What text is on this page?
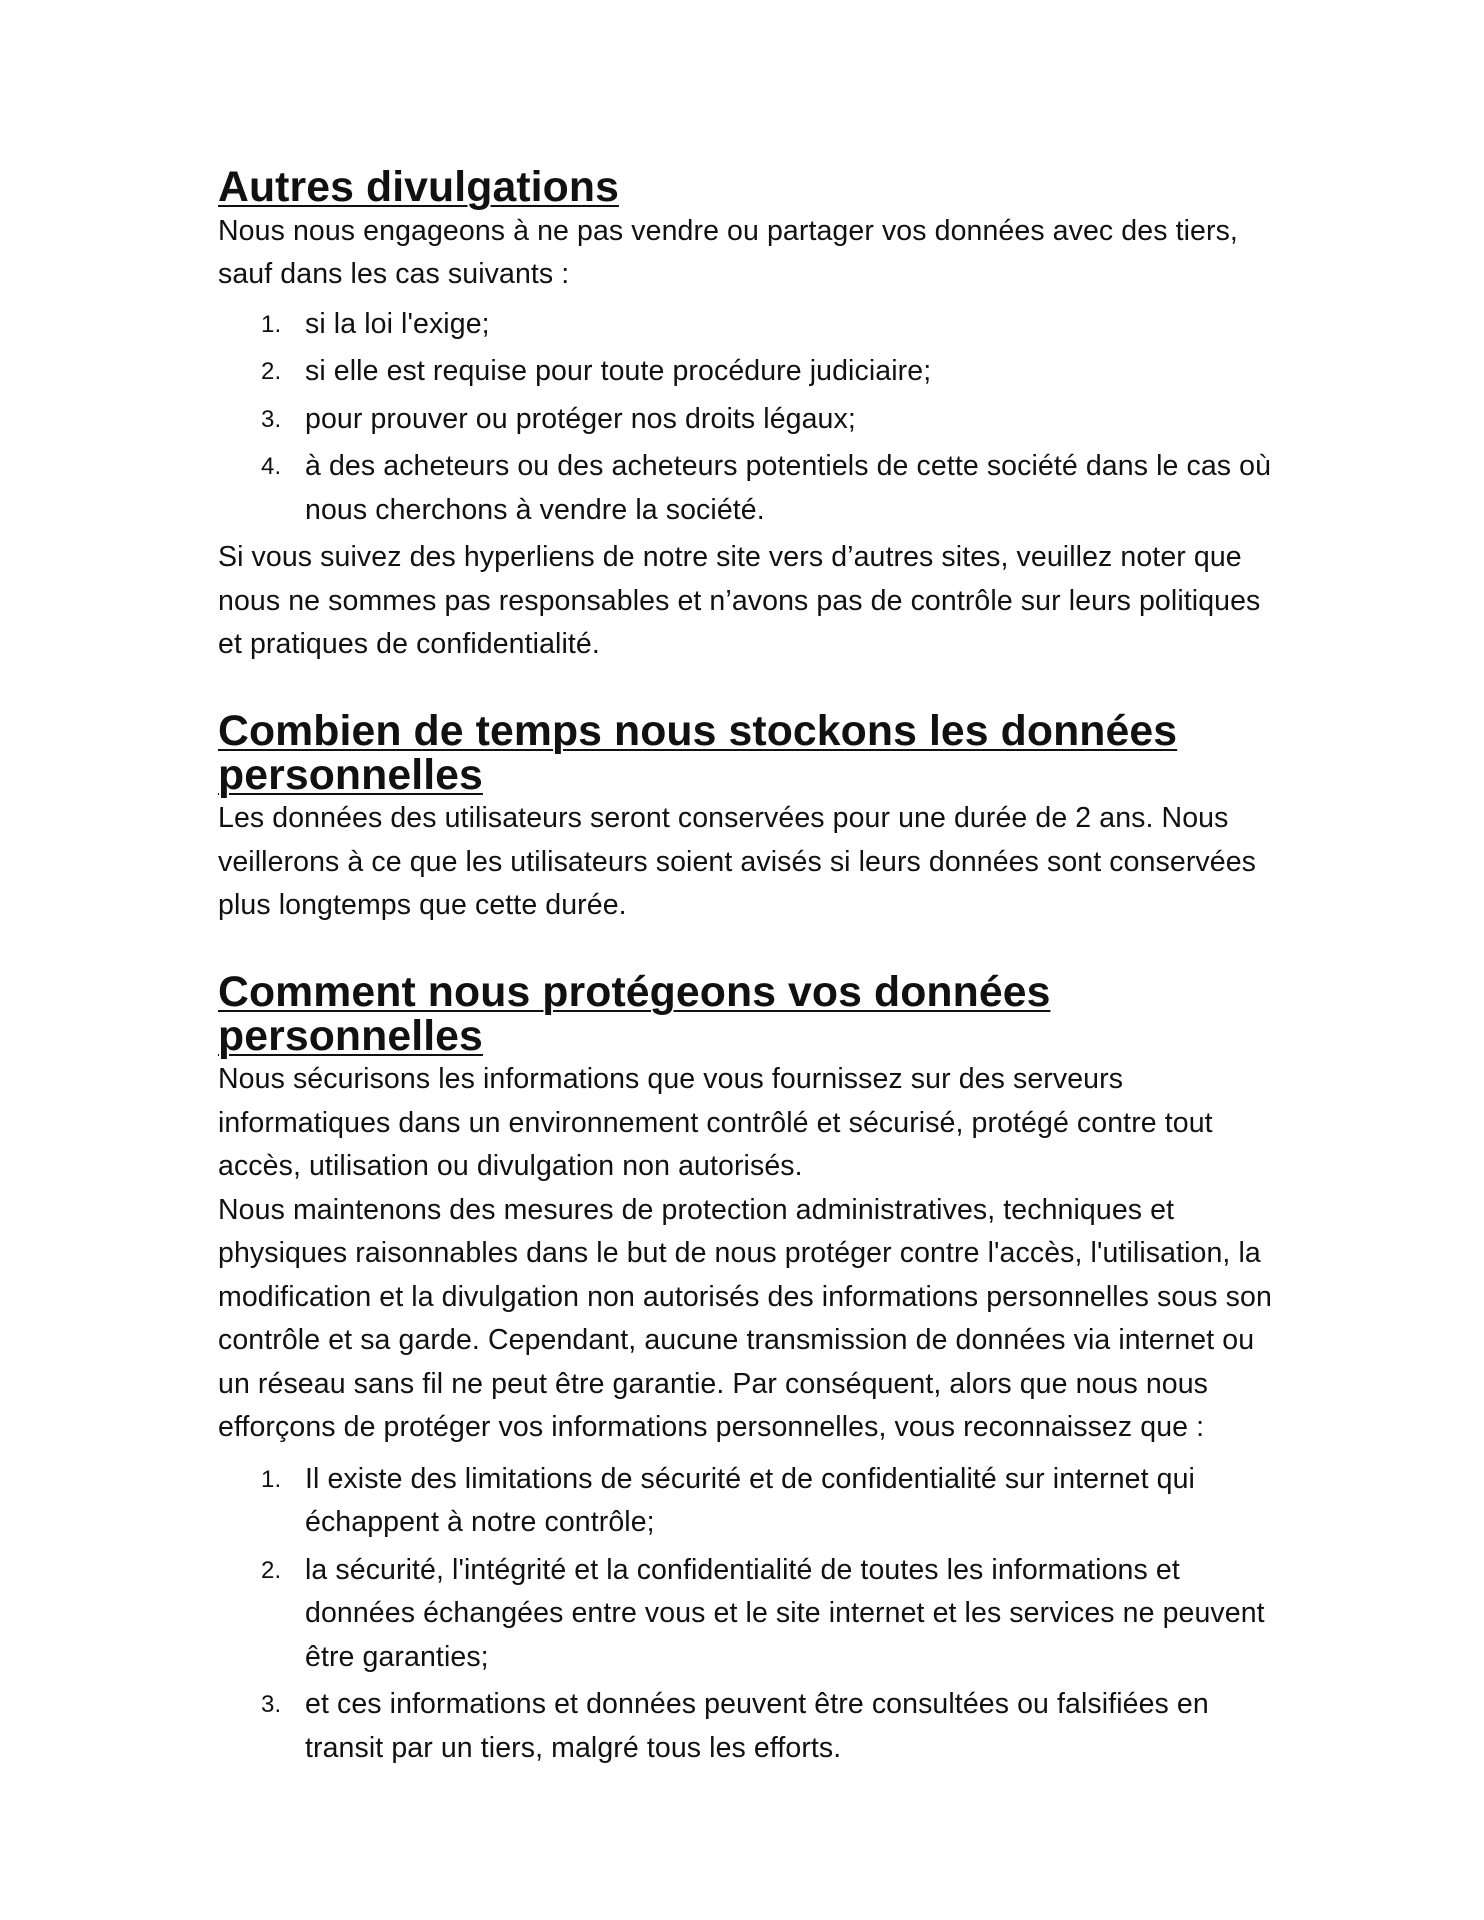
Autres divulgations

Nous nous engageons à ne pas vendre ou partager vos données avec des tiers, sauf dans les cas suivants :

1. si la loi l'exige;
2. si elle est requise pour toute procédure judiciaire;
3. pour prouver ou protéger nos droits légaux;
4. à des acheteurs ou des acheteurs potentiels de cette société dans le cas où nous cherchons à vendre la société.

Si vous suivez des hyperliens de notre site vers d’autres sites, veuillez noter que nous ne sommes pas responsables et n’avons pas de contrôle sur leurs politiques et pratiques de confidentialité.

Combien de temps nous stockons les données personnelles

Les données des utilisateurs seront conservées pour une durée de 2 ans. Nous veillerons à ce que les utilisateurs soient avisés si leurs données sont conservées plus longtemps que cette durée.

Comment nous protégeons vos données personnelles

Nous sécurisons les informations que vous fournissez sur des serveurs informatiques dans un environnement contrôlé et sécurisé, protégé contre tout accès, utilisation ou divulgation non autorisés.

Nous maintenons des mesures de protection administratives, techniques et physiques raisonnables dans le but de nous protéger contre l'accès, l'utilisation, la modification et la divulgation non autorisés des informations personnelles sous son contrôle et sa garde. Cependant, aucune transmission de données via internet ou un réseau sans fil ne peut être garantie. Par conséquent, alors que nous nous efforçons de protéger vos informations personnelles, vous reconnaissez que :

1. Il existe des limitations de sécurité et de confidentialité sur internet qui échappent à notre contrôle;
2. la sécurité, l'intégrité et la confidentialité de toutes les informations et données échangées entre vous et le site internet et les services ne peuvent être garanties;
3. et ces informations et données peuvent être consultées ou falsifiées en transit par un tiers, malgré tous les efforts.
